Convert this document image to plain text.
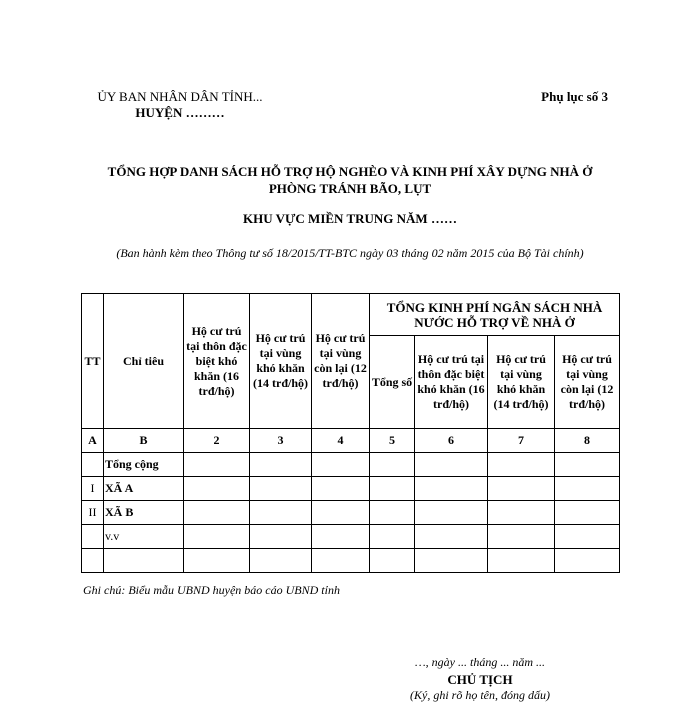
ỦY BAN NHÂN DÂN TỈNH...
HUYỆN ………
Phụ lục số 3
TỔNG HỢP DANH SÁCH HỖ TRỢ HỘ NGHÈO VÀ KINH PHÍ XÂY DỰNG NHÀ Ở
PHÒNG TRÁNH BÃO, LỤT
KHU VỰC MIỀN TRUNG NĂM ……
(Ban hành kèm theo Thông tư số 18/2015/TT-BTC ngày 03 tháng 02 năm 2015 của Bộ Tài chính)
TT	Chỉ tiêu	Hộ cư trú tại thôn đặc biệt khó khăn (16 trđ/hộ)	Hộ cư trú tại vùng khó khăn (14 trđ/hộ)	Hộ cư trú tại vùng còn lại (12 trđ/hộ)	TỔNG KINH PHÍ NGÂN SÁCH NHÀ NƯỚC HỖ TRỢ VỀ NHÀ Ở			
					Tổng số	Hộ cư trú tại thôn đặc biệt khó khăn (16 trđ/hộ)	Hộ cư trú tại vùng khó khăn (14 trđ/hộ)	Hộ cư trú tại vùng còn lại (12 trđ/hộ)
A	B	2	3	4	5	6	7	8
	Tổng cộng							
I	XÃ A							
II	XÃ B							
	v.v							

Ghi chú: Biểu mẫu UBND huyện báo cáo UBND tỉnh
…, ngày ... tháng ... năm ...
CHỦ TỊCH
(Ký, ghi rõ họ tên, đóng dấu)
